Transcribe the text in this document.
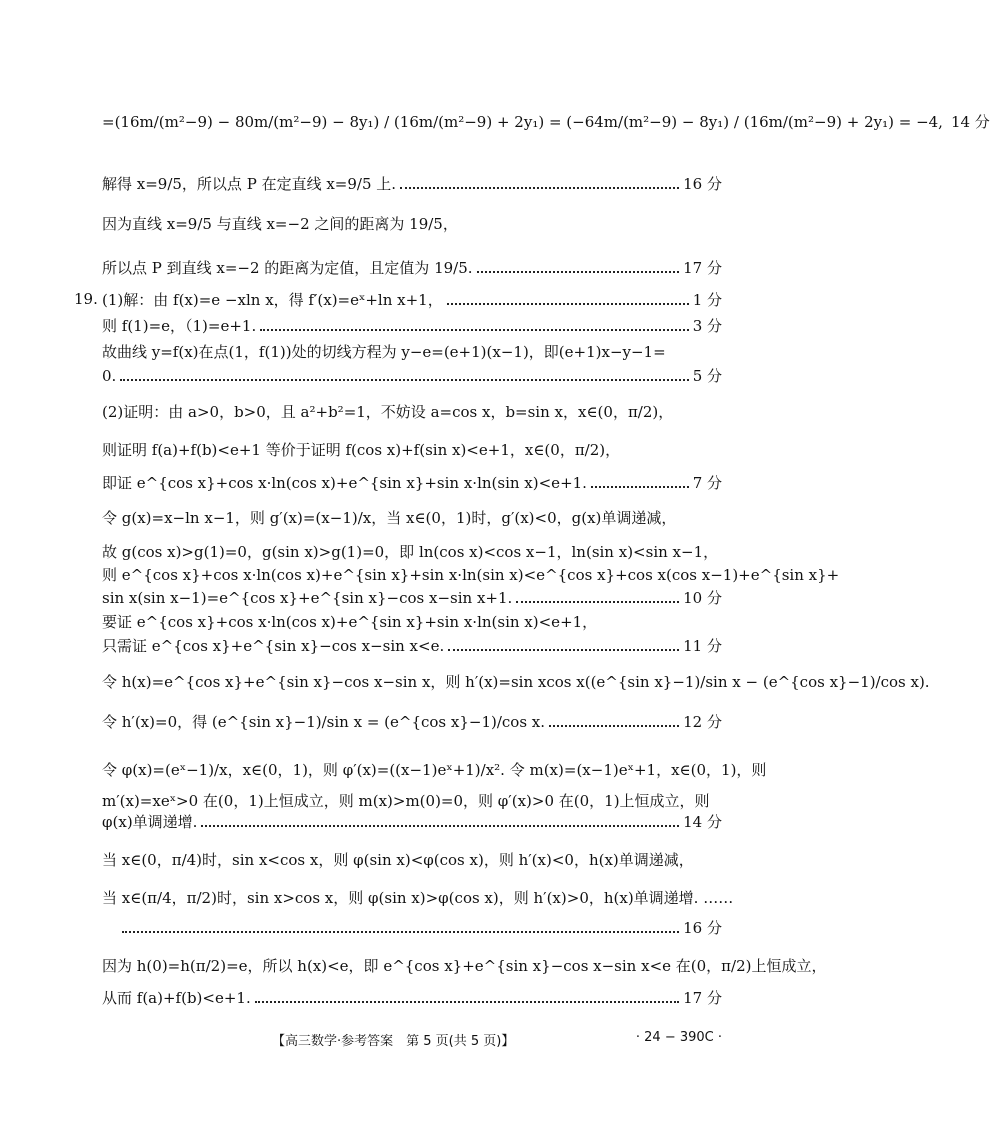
=(16m/(m²−9) − 80m/(m²−9) − 8y₁) / (16m/(m²−9) + 2y₁) = (−64m/(m²−9) − 8y₁) / (16m/(m²−9) + 2y₁) = −4, 14 分
解得 x=9/5，所以点 P 在定直线 x=9/5 上.	16 分
因为直线 x=9/5 与直线 x=−2 之间的距离为 19/5，
所以点 P 到直线 x=−2 的距离为定值，且定值为 19/5.	17 分
19. (1)解：由 f(x)=e −xln x，得 f′(x)=eˣ+ln x+1，	1 分
则 f(1)=e，（1)=e+1.	3 分
故曲线 y=f(x)在点(1，f(1))处的切线方程为 y−e=(e+1)(x−1)，即(e+1)x−y−1=
0.	5 分
(2)证明：由 a>0，b>0，且 a²+b²=1，不妨设 a=cos x，b=sin x，x∈(0，π/2)，
则证明 f(a)+f(b)<e+1 等价于证明 f(cos x)+f(sin x)<e+1，x∈(0，π/2)，
即证 e^{cos x}+cos x·ln(cos x)+e^{sin x}+sin x·ln(sin x)<e+1.	7 分
令 g(x)=x−ln x−1，则 g′(x)=(x−1)/x，当 x∈(0，1)时，g′(x)<0，g(x)单调递减，
故 g(cos x)>g(1)=0，g(sin x)>g(1)=0，即 ln(cos x)<cos x−1，ln(sin x)<sin x−1，
则 e^{cos x}+cos x·ln(cos x)+e^{sin x}+sin x·ln(sin x)<e^{cos x}+cos x(cos x−1)+e^{sin x}+
sin x(sin x−1)=e^{cos x}+e^{sin x}−cos x−sin x+1.	10 分
要证 e^{cos x}+cos x·ln(cos x)+e^{sin x}+sin x·ln(sin x)<e+1，
只需证 e^{cos x}+e^{sin x}−cos x−sin x<e.	11 分
令 h(x)=e^{cos x}+e^{sin x}−cos x−sin x，则 h′(x)=sin xcos x((e^{sin x}−1)/sin x − (e^{cos x}−1)/cos x).
令 h′(x)=0，得 (e^{sin x}−1)/sin x = (e^{cos x}−1)/cos x.	12 分
令 φ(x)=(eˣ−1)/x，x∈(0，1)，则 φ′(x)=((x−1)eˣ+1)/x². 令 m(x)=(x−1)eˣ+1，x∈(0，1)，则
m′(x)=xeˣ>0 在(0，1)上恒成立，则 m(x)>m(0)=0，则 φ′(x)>0 在(0，1)上恒成立，则
φ(x)单调递增.	14 分
当 x∈(0，π/4)时，sin x<cos x，则 φ(sin x)<φ(cos x)，则 h′(x)<0，h(x)单调递减，
当 x∈(π/4，π/2)时，sin x>cos x，则 φ(sin x)>φ(cos x)，则 h′(x)>0，h(x)单调递增. ……
16 分
因为 h(0)=h(π/2)=e，所以 h(x)<e，即 e^{cos x}+e^{sin x}−cos x−sin x<e 在(0，π/2)上恒成立，
从而 f(a)+f(b)<e+1.	17 分
【高三数学·参考答案　第 5 页(共 5 页)】	· 24 − 390C ·
